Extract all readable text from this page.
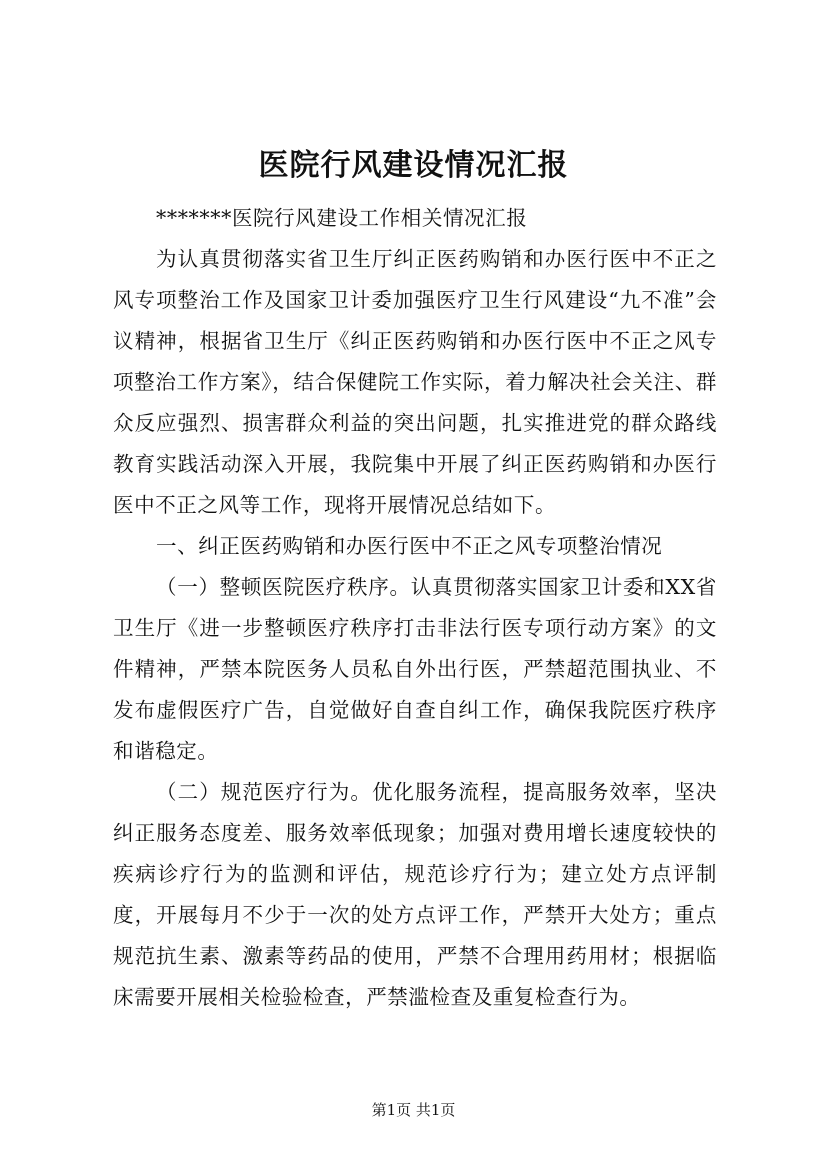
医院行风建设情况汇报

*******医院行风建设工作相关情况汇报

为认真贯彻落实省卫生厅纠正医药购销和办医行医中不正之风专项整治工作及国家卫计委加强医疗卫生行风建设“九不准”会议精神，根据省卫生厅《纠正医药购销和办医行医中不正之风专项整治工作方案》，结合保健院工作实际，着力解决社会关注、群众反应强烈、损害群众利益的突出问题，扎实推进党的群众路线教育实践活动深入开展，我院集中开展了纠正医药购销和办医行医中不正之风等工作，现将开展情况总结如下。

一、纠正医药购销和办医行医中不正之风专项整治情况

（一）整顿医院医疗秩序。认真贯彻落实国家卫计委和XX省卫生厅《进一步整顿医疗秩序打击非法行医专项行动方案》的文件精神，严禁本院医务人员私自外出行医，严禁超范围执业、不发布虚假医疗广告，自觉做好自查自纠工作，确保我院医疗秩序和谐稳定。

（二）规范医疗行为。优化服务流程，提高服务效率，坚决纠正服务态度差、服务效率低现象；加强对费用增长速度较快的疾病诊疗行为的监测和评估，规范诊疗行为；建立处方点评制度，开展每月不少于一次的处方点评工作，严禁开大处方；重点规范抗生素、激素等药品的使用，严禁不合理用药用材；根据临床需要开展相关检验检查，严禁滥检查及重复检查行为。

第1页 共1页
